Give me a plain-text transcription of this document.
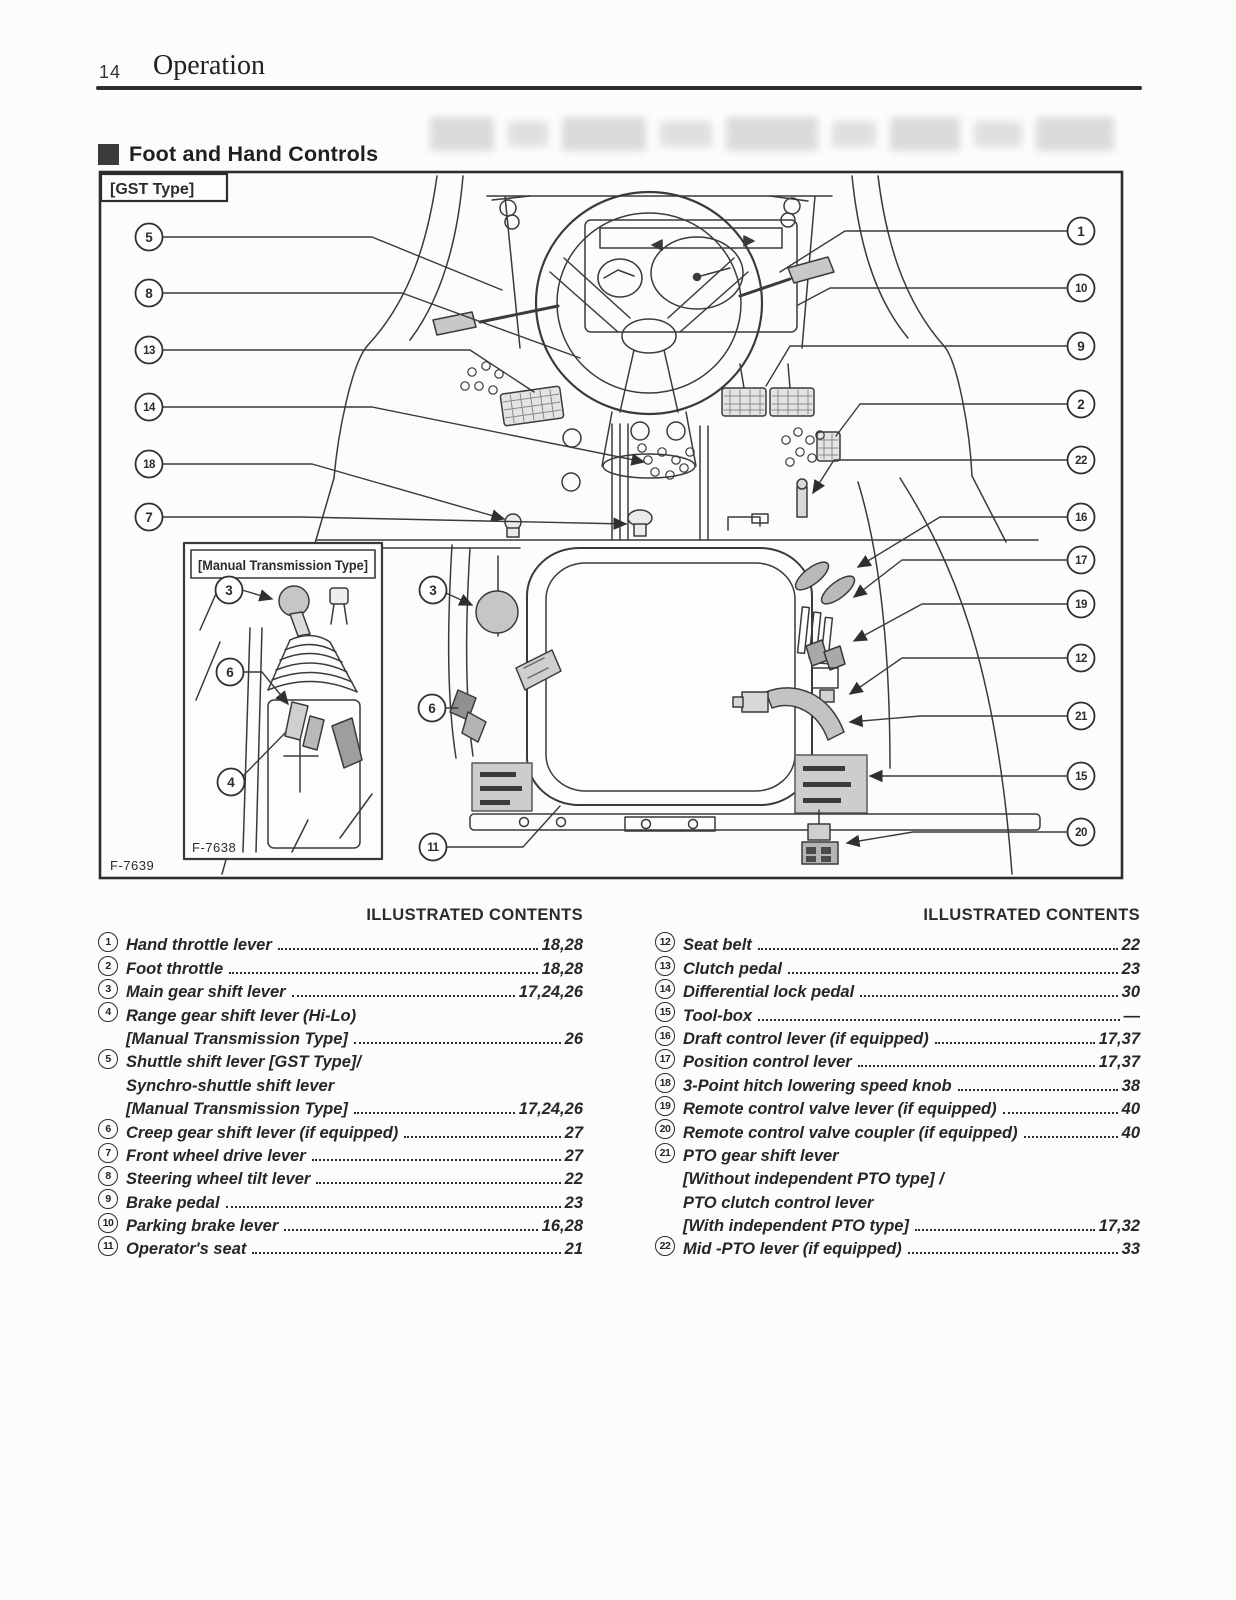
14 Operation
Foot and Hand Controls
[GST Type]
[Manual Transmission Type]
F-7638
F-7639
5
8
13
14
18
7
1
10
9
2
22
16
17
19
12
21
15
20
3
6
11
3
6
4
ILLUSTRATED CONTENTS
1 Hand throttle lever	18,28
2 Foot throttle	18,28
3 Main gear shift lever	17,24,26
4 Range gear shift lever (Hi-Lo)
[Manual Transmission Type]	26
5 Shuttle shift lever [GST Type]/
Synchro-shuttle shift lever
[Manual Transmission Type]	17,24,26
6 Creep gear shift lever (if equipped)	27
7 Front wheel drive lever	27
8 Steering wheel tilt lever	22
9 Brake pedal	23
10 Parking brake lever	16,28
11 Operator's seat	21
ILLUSTRATED CONTENTS
12 Seat belt	22
13 Clutch pedal	23
14 Differential lock pedal	30
15 Tool-box	—
16 Draft control lever (if equipped)	17,37
17 Position control lever	17,37
18 3-Point hitch lowering speed knob	38
19 Remote control valve lever (if equipped)	40
20 Remote control valve coupler (if equipped)	40
21 PTO gear shift lever
[Without independent PTO type] /
PTO clutch control lever
[With independent PTO type]	17,32
22 Mid -PTO lever (if equipped)	33
